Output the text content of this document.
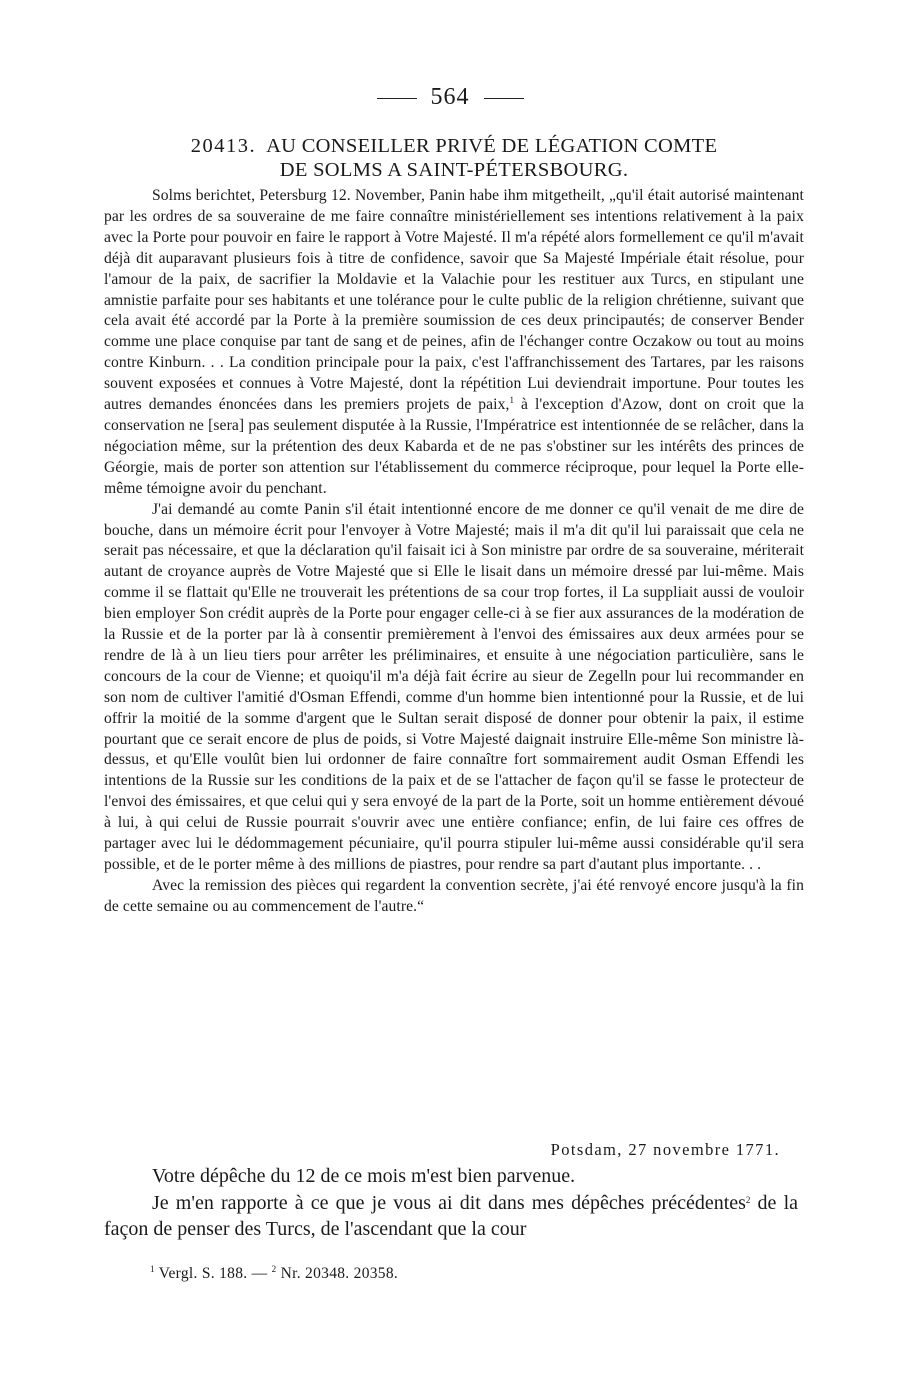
564
20413. AU CONSEILLER PRIVÉ DE LÉGATION COMTE
DE SOLMS A SAINT-PÉTERSBOURG.

Solms berichtet, Petersburg 12. November, Panin habe ihm mitgetheilt, „qu'il était autorisé maintenant par les ordres de sa souveraine de me faire connaître ministériellement ses intentions relativement à la paix avec la Porte pour pouvoir en faire le rapport à Votre Majesté. Il m'a répété alors formellement ce qu'il m'avait déjà dit auparavant plusieurs fois à titre de confidence, savoir que Sa Majesté Impériale était résolue, pour l'amour de la paix, de sacrifier la Moldavie et la Valachie pour les restituer aux Turcs, en stipulant une amnistie parfaite pour ses habitants et une tolérance pour le culte public de la religion chrétienne, suivant que cela avait été accordé par la Porte à la première soumission de ces deux principautés; de conserver Bender comme une place conquise par tant de sang et de peines, afin de l'échanger contre Oczakow ou tout au moins contre Kinburn. . . La condition principale pour la paix, c'est l'affranchissement des Tartares, par les raisons souvent exposées et connues à Votre Majesté, dont la répétition Lui deviendrait importune. Pour toutes les autres demandes énoncées dans les premiers projets de paix,$^1$ à l'exception d'Azow, dont on croit que la conservation ne [sera] pas seulement disputée à la Russie, l'Impératrice est intentionnée de se relâcher, dans la négociation même, sur la prétention des deux Kabarda et de ne pas s'obstiner sur les intérêts des princes de Géorgie, mais de porter son attention sur l'établissement du commerce réciproque, pour lequel la Porte elle-même témoigne avoir du penchant.

J'ai demandé au comte Panin s'il était intentionné encore de me donner ce qu'il venait de me dire de bouche, dans un mémoire écrit pour l'envoyer à Votre Majesté; mais il m'a dit qu'il lui paraissait que cela ne serait pas nécessaire, et que la déclaration qu'il faisait ici à Son ministre par ordre de sa souveraine, mériterait autant de croyance auprès de Votre Majesté que si Elle le lisait dans un mémoire dressé par lui-même. Mais comme il se flattait qu'Elle ne trouverait les prétentions de sa cour trop fortes, il La suppliait aussi de vouloir bien employer Son crédit auprès de la Porte pour engager celle-ci à se fier aux assurances de la modération de la Russie et de la porter par là à consentir premièrement à l'envoi des émissaires aux deux armées pour se rendre de là à un lieu tiers pour arrêter les préliminaires, et ensuite à une négociation particulière, sans le concours de la cour de Vienne; et quoiqu'il m'a déjà fait écrire au sieur de Zegelln pour lui recommander en son nom de cultiver l'amitié d'Osman Effendi, comme d'un homme bien intentionné pour la Russie, et de lui offrir la moitié de la somme d'argent que le Sultan serait disposé de donner pour obtenir la paix, il estime pourtant que ce serait encore de plus de poids, si Votre Majesté daignait instruire Elle-même Son ministre là-dessus, et qu'Elle voulût bien lui ordonner de faire connaître fort sommairement audit Osman Effendi les intentions de la Russie sur les conditions de la paix et de se l'attacher de façon qu'il se fasse le protecteur de l'envoi des émissaires, et que celui qui y sera envoyé de la part de la Porte, soit un homme entièrement dévoué à lui, à qui celui de Russie pourrait s'ouvrir avec une entière confiance; enfin, de lui faire ces offres de partager avec lui le dédommagement pécuniaire, qu'il pourra stipuler lui-même aussi considérable qu'il sera possible, et de le porter même à des millions de piastres, pour rendre sa part d'autant plus importante. . .

Avec la remission des pièces qui regardent la convention secrète, j'ai été renvoyé encore jusqu'à la fin de cette semaine ou au commencement de l'autre.“

Potsdam, 27 novembre 1771.

Votre dépêche du 12 de ce mois m'est bien parvenue.

Je m'en rapporte à ce que je vous ai dit dans mes dépêches précédentes$^2$ de la façon de penser des Turcs, de l'ascendant que la cour

$^1$ Vergl. S. 188. — $^2$ Nr. 20348. 20358.
